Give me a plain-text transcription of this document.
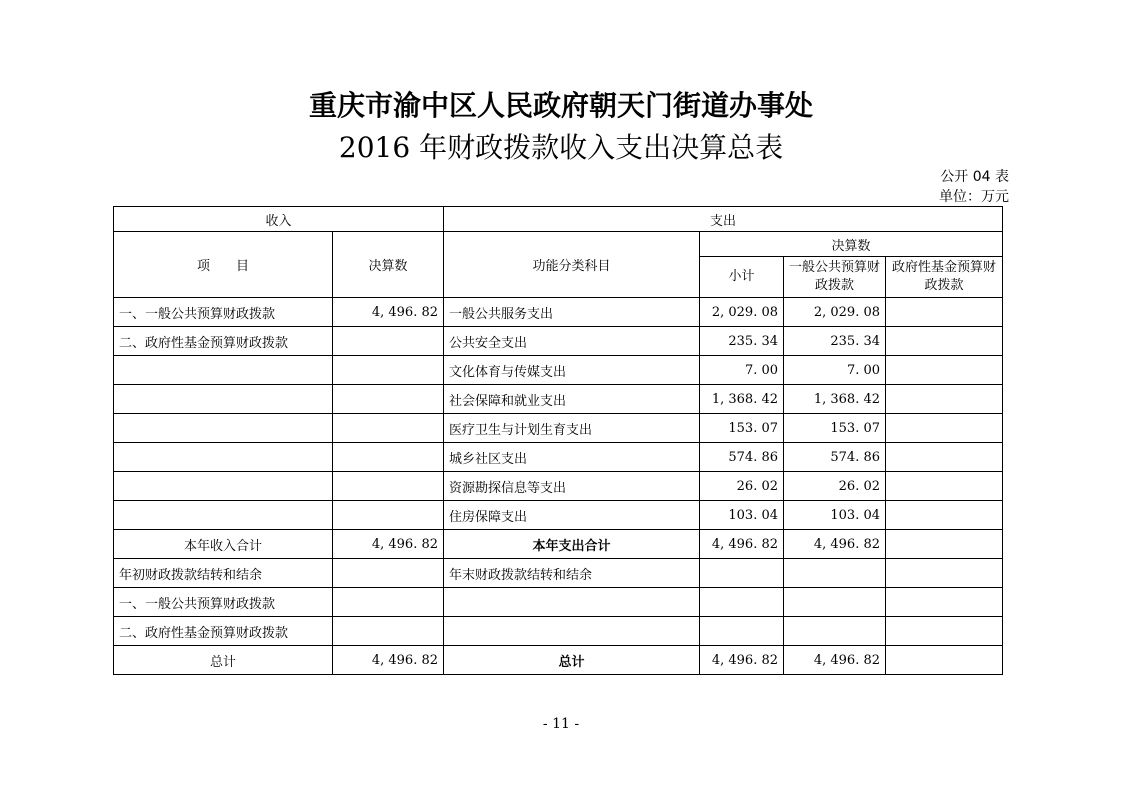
重庆市渝中区人民政府朝天门街道办事处
2016 年财政拨款收入支出决算总表
公开 04 表
单位：万元
收入		支出			
项　　目	决算数	功能分类科目	决算数		
			小计	一般公共预算财政拨款	政府性基金预算财政拨款
一、一般公共预算财政拨款	4, 496. 82	一般公共服务支出	2, 029. 08	2, 029. 08	
二、政府性基金预算财政拨款		公共安全支出	235. 34	235. 34	
		文化体育与传媒支出	7. 00	7. 00	
		社会保障和就业支出	1, 368. 42	1, 368. 42	
		医疗卫生与计划生育支出	153. 07	153. 07	
		城乡社区支出	574. 86	574. 86	
		资源勘探信息等支出	26. 02	26. 02	
		住房保障支出	103. 04	103. 04	
本年收入合计	4, 496. 82	本年支出合计	4, 496. 82	4, 496. 82	
年初财政拨款结转和结余		年末财政拨款结转和结余			
一、一般公共预算财政拨款					
二、政府性基金预算财政拨款					
总计	4, 496. 82	总计	4, 496. 82	4, 496. 82	
- 11 -
